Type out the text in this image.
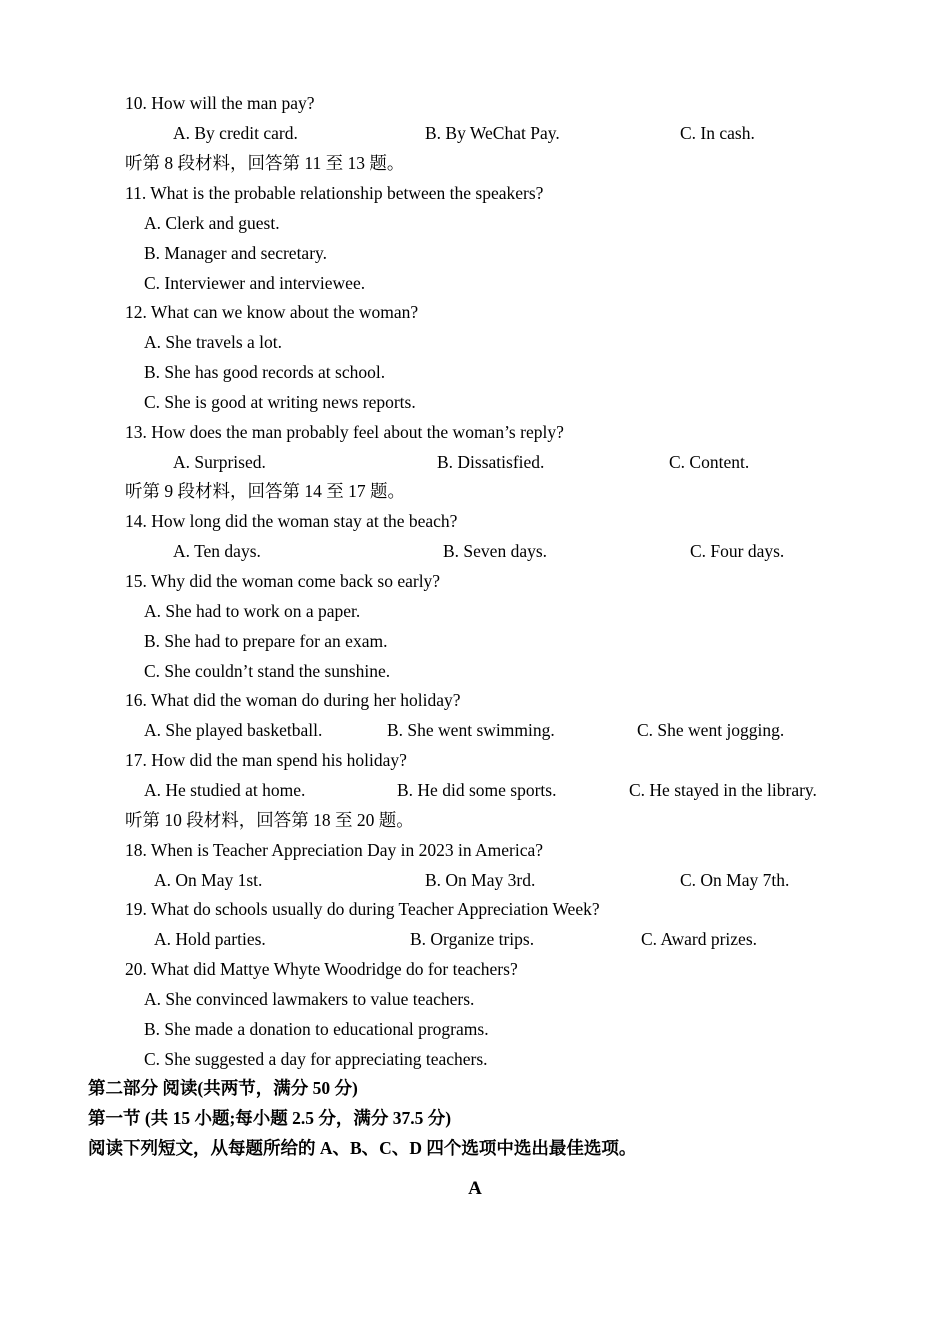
10. How will the man pay?
A. By credit card.	B. By WeChat Pay.	C. In cash.
听第 8 段材料，回答第 11 至 13 题。
11. What is the probable relationship between the speakers?
A. Clerk and guest.
B. Manager and secretary.
C. Interviewer and interviewee.
12. What can we know about the woman?
A. She travels a lot.
B. She has good records at school.
C. She is good at writing news reports.
13. How does the man probably feel about the woman’s reply?
A. Surprised.	B. Dissatisfied.	C. Content.
听第 9 段材料，回答第 14 至 17 题。
14. How long did the woman stay at the beach?
A. Ten days.	B. Seven days.	C. Four days.
15. Why did the woman come back so early?
A. She had to work on a paper.
B. She had to prepare for an exam.
C. She couldn’t stand the sunshine.
16. What did the woman do during her holiday?
A. She played basketball.	B. She went swimming.	C. She went jogging.
17. How did the man spend his holiday?
A. He studied at home.	B. He did some sports.	C. He stayed in the library.
听第 10 段材料，回答第 18 至 20 题。
18. When is Teacher Appreciation Day in 2023 in America?
A. On May 1st.	B. On May 3rd.	C. On May 7th.
19. What do schools usually do during Teacher Appreciation Week?
A. Hold parties.	B. Organize trips.	C. Award prizes.
20. What did Mattye Whyte Woodridge do for teachers?
A. She convinced lawmakers to value teachers.
B. She made a donation to educational programs.
C. She suggested a day for appreciating teachers.
第二部分 阅读(共两节，满分 50 分)
第一节 (共 15 小题;每小题 2.5 分，满分 37.5 分)
阅读下列短文，从每题所给的 A、B、C、D 四个选项中选出最佳选项。
A
